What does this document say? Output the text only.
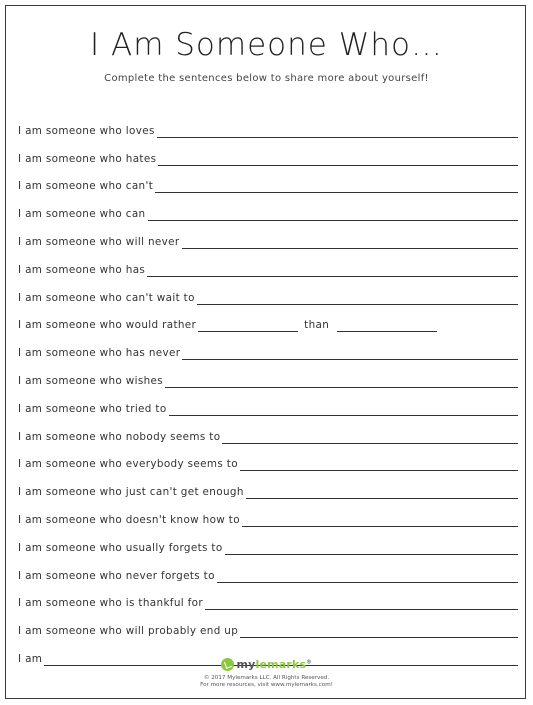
I Am Someone Who…
Complete the sentences below to share more about yourself!
I am someone who loves
I am someone who hates
I am someone who can't
I am someone who can
I am someone who will never
I am someone who has
I am someone who can't wait to
I am someone who would rather	than
I am someone who has never
I am someone who wishes
I am someone who tried to
I am someone who nobody seems to
I am someone who everybody seems to
I am someone who just can't get enough
I am someone who doesn't know how to
I am someone who usually forgets to
I am someone who never forgets to
I am someone who is thankful for
I am someone who will probably end up
I am	mylemarks®
© 2017 Mylemarks LLC. All Rights Reserved.
For more resources, visit www.mylemarks.com!
